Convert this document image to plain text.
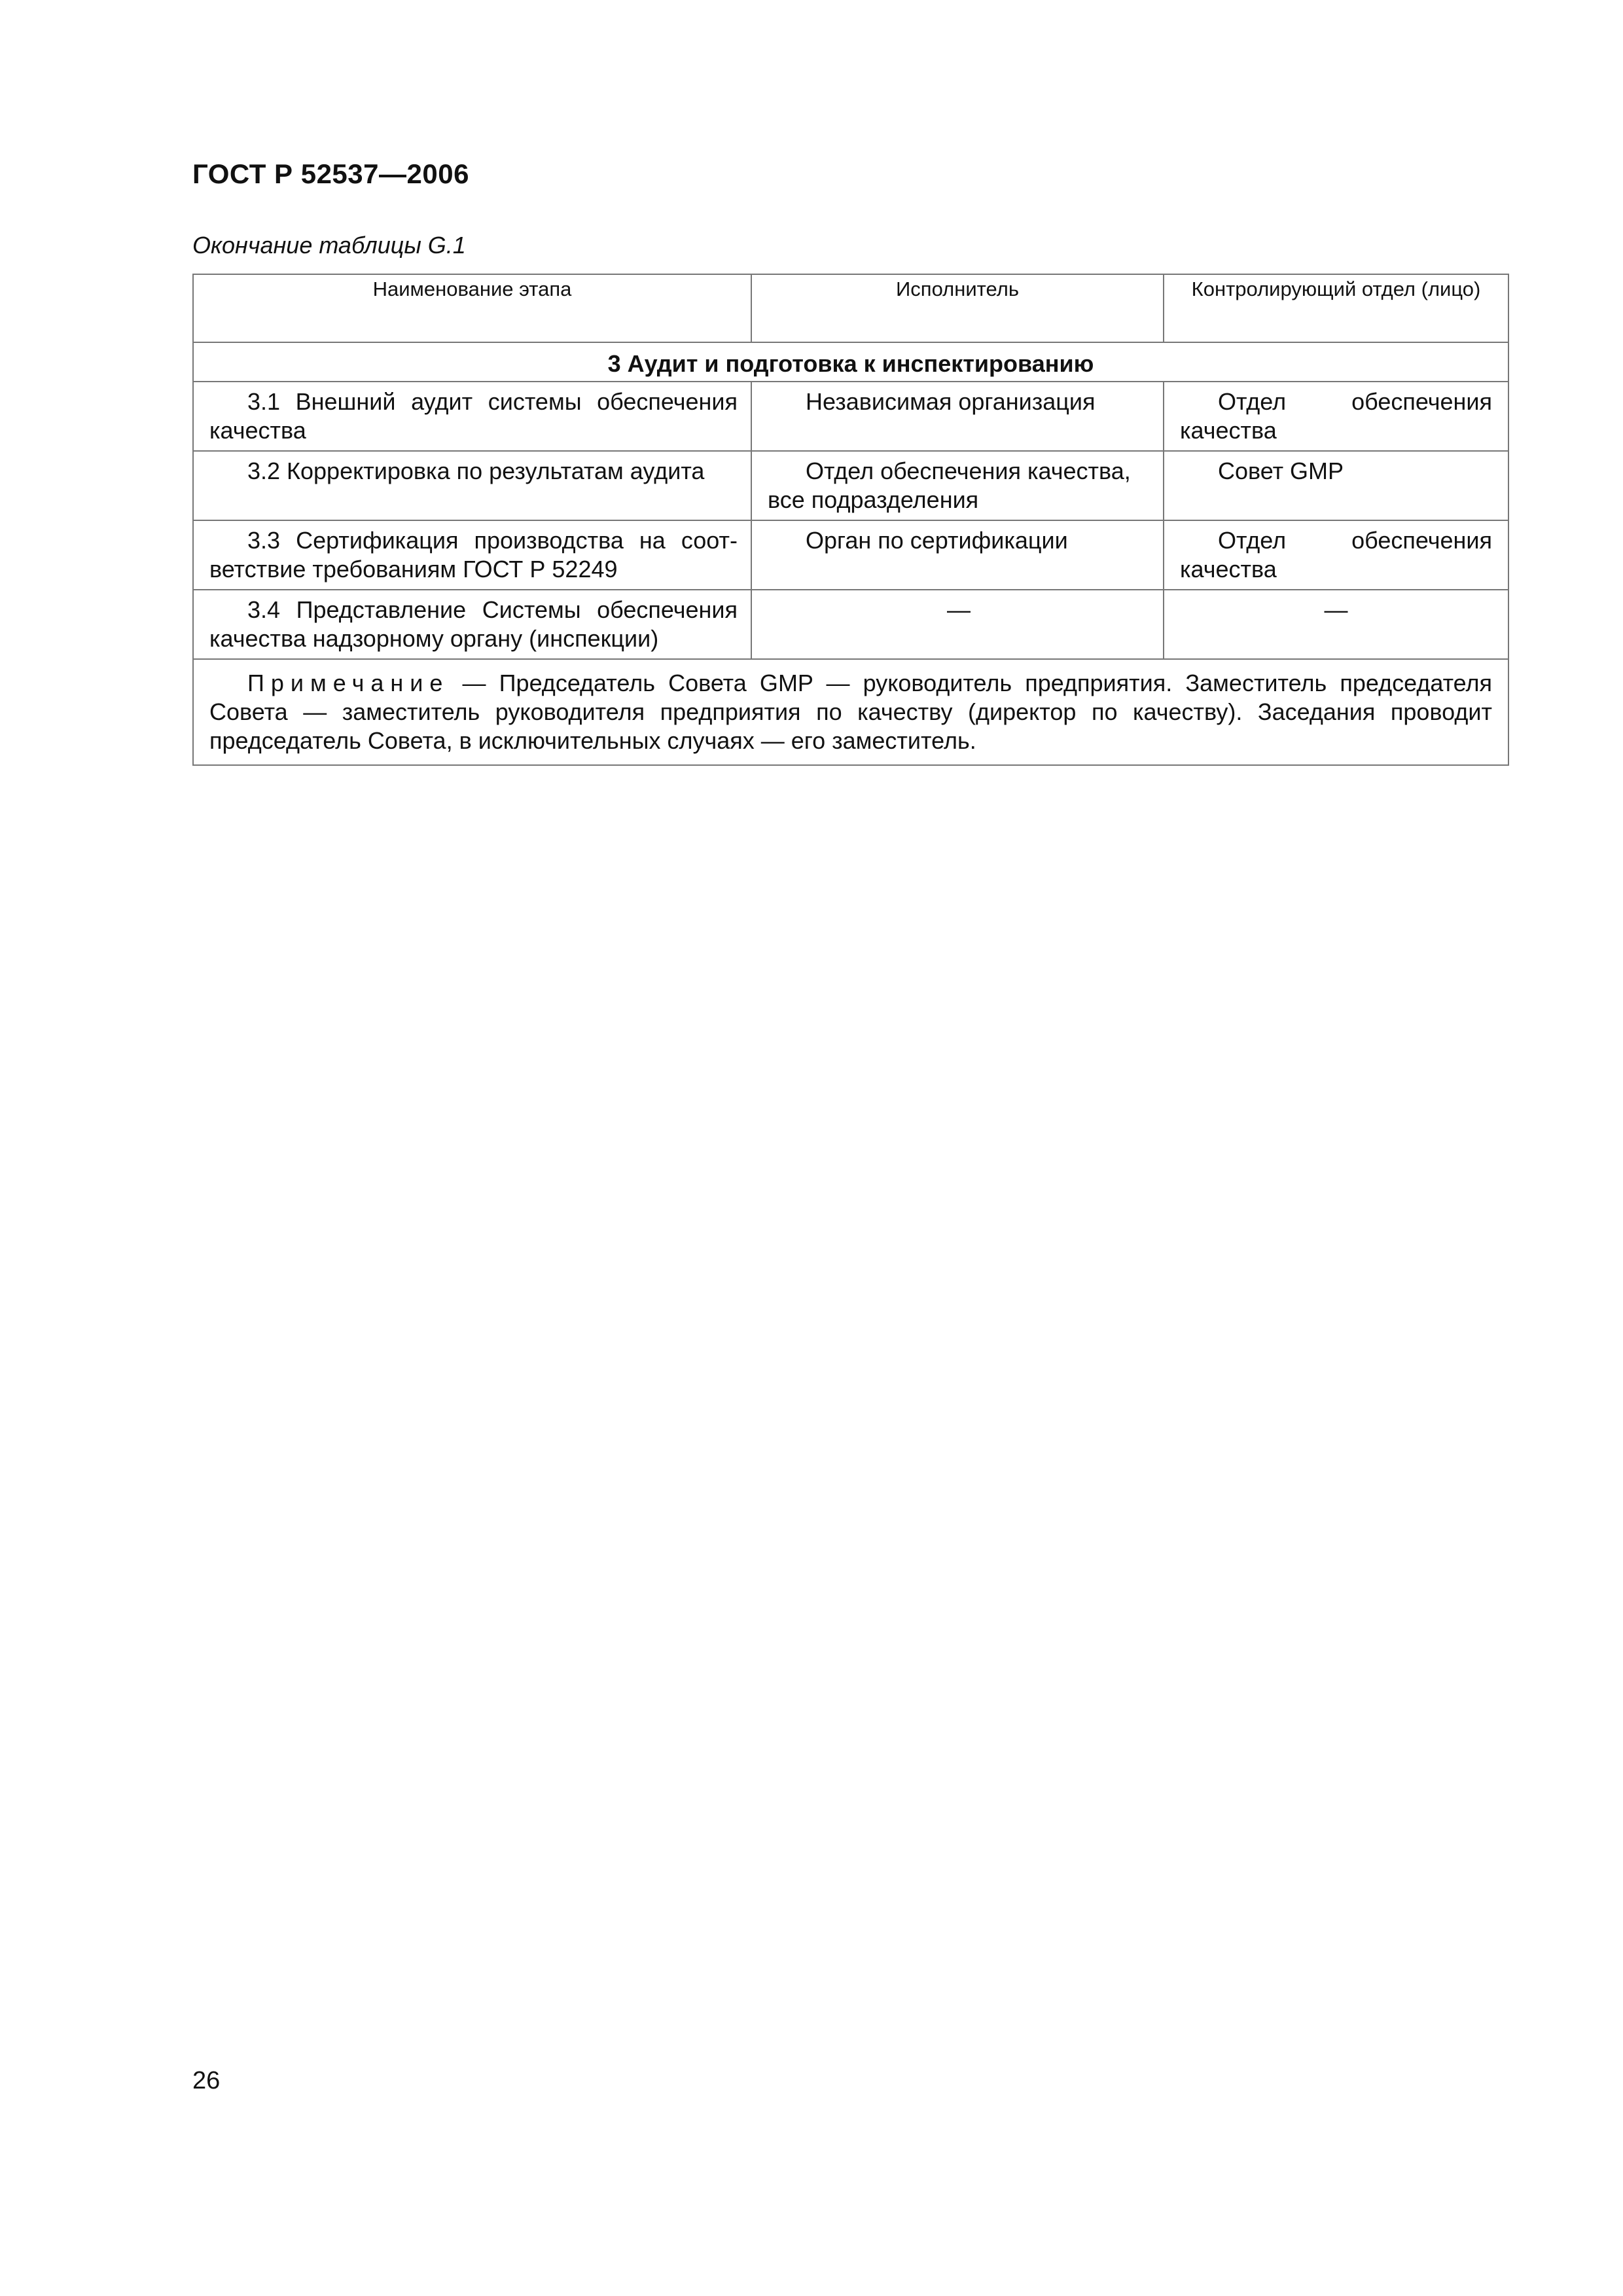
ГОСТ Р 52537—2006
Окончание таблицы G.1
Наименование этапа	Исполнитель	Контролирующий отдел (лицо)
3 Аудит и подготовка к инспектированию		
3.1 Внешний аудит системы обеспечения качества	Независимая организация	Отдел обеспечения качества
3.2 Корректировка по результатам аудита	Отдел обеспечения качества, все подразделения	Совет GMP
3.3 Сертификация производства на соот-ветствие требованиям ГОСТ Р 52249	Орган по сертификации	Отдел обеспечения качества
3.4 Представление Системы обеспечения качества надзорному органу (инспекции)	—	—
Примечание — Председатель Совета GMP — руководитель предприятия. Заместитель председателя Совета — заместитель руководителя предприятия по качеству (директор по качеству). Заседания проводит председатель Совета, в исключительных случаях — его заместитель.		
26
